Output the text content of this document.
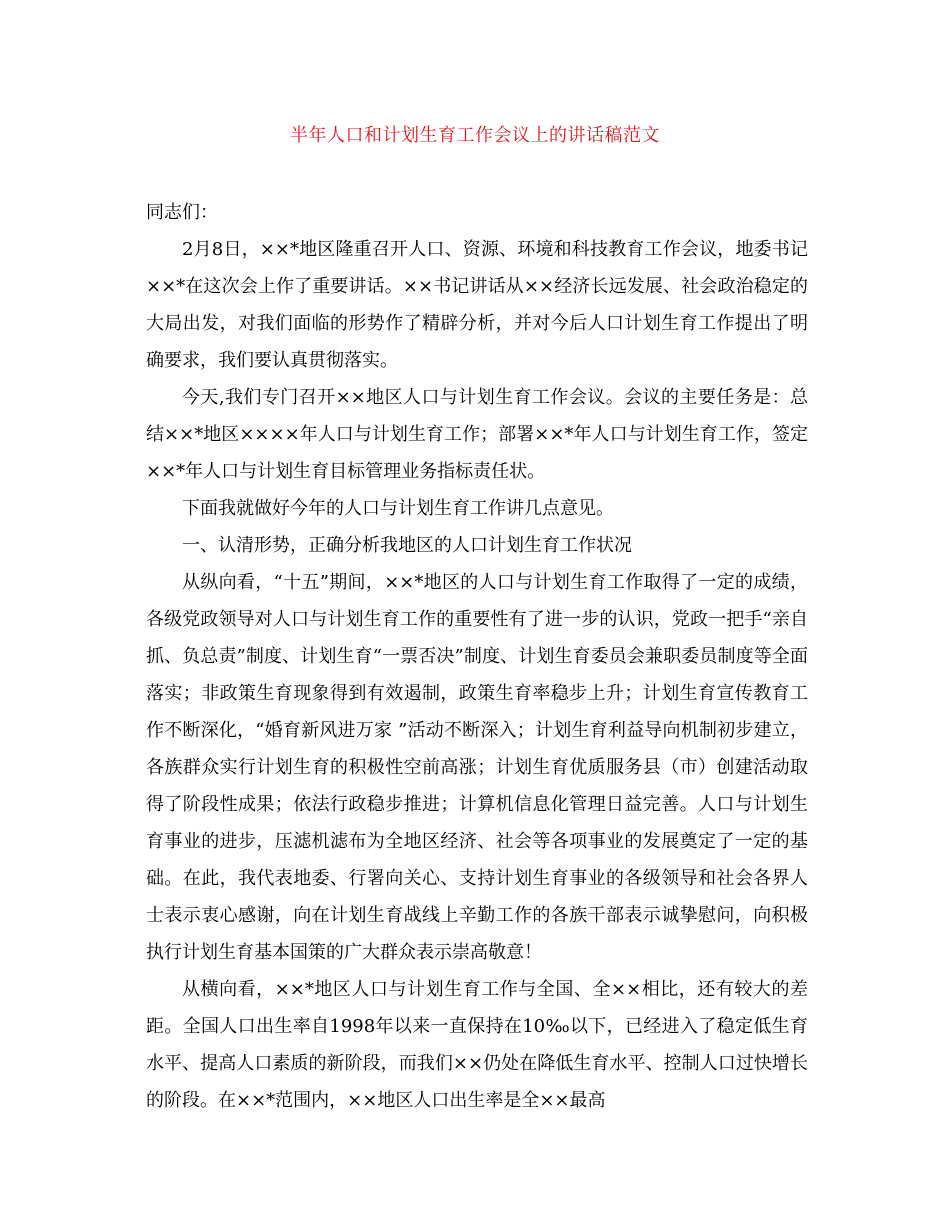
半年人口和计划生育工作会议上的讲话稿范文

同志们：

2月8日，××*地区隆重召开人口、资源、环境和科技教育工作会议，地委书记××*在这次会上作了重要讲话。××书记讲话从××经济长远发展、社会政治稳定的大局出发，对我们面临的形势作了精辟分析，并对今后人口计划生育工作提出了明确要求，我们要认真贯彻落实。

今天,我们专门召开××地区人口与计划生育工作会议。会议的主要任务是：总结××*地区××××年人口与计划生育工作；部署××*年人口与计划生育工作，签定××*年人口与计划生育目标管理业务指标责任状。

下面我就做好今年的人口与计划生育工作讲几点意见。

一、认清形势，正确分析我地区的人口计划生育工作状况

从纵向看，“十五”期间，××*地区的人口与计划生育工作取得了一定的成绩，各级党政领导对人口与计划生育工作的重要性有了进一步的认识，党政一把手“亲自抓、负总责”制度、计划生育“一票否决”制度、计划生育委员会兼职委员制度等全面落实；非政策生育现象得到有效遏制，政策生育率稳步上升；计划生育宣传教育工作不断深化，“婚育新风进万家 ”活动不断深入；计划生育利益导向机制初步建立，各族群众实行计划生育的积极性空前高涨；计划生育优质服务县（市）创建活动取得了阶段性成果；依法行政稳步推进；计算机信息化管理日益完善。人口与计划生育事业的进步，压滤机滤布为全地区经济、社会等各项事业的发展奠定了一定的基础。在此，我代表地委、行署向关心、支持计划生育事业的各级领导和社会各界人士表示衷心感谢，向在计划生育战线上辛勤工作的各族干部表示诚挚慰问，向积极执行计划生育基本国策的广大群众表示崇高敬意！

从横向看，××*地区人口与计划生育工作与全国、全××相比，还有较大的差距。全国人口出生率自1998年以来一直保持在10‰以下，已经进入了稳定低生育水平、提高人口素质的新阶段，而我们××仍处在降低生育水平、控制人口过快增长的阶段。在××*范围内，××地区人口出生率是全××最高
